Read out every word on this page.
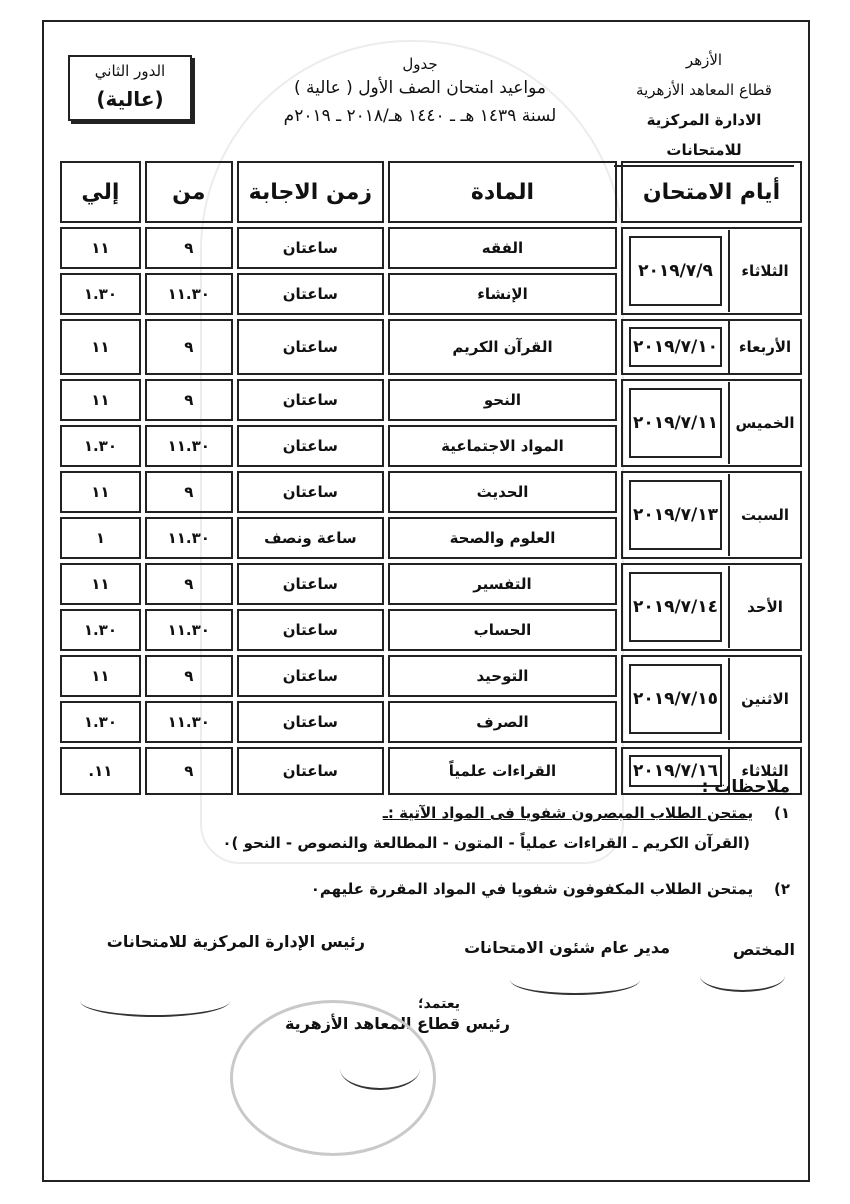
الأزهر
قطاع المعاهد الأزهرية
الادارة المركزية للامتحانات
جدول
مواعيد امتحان الصف الأول ( عالية )
لسنة ١٤٣٩ هـ ـ ١٤٤٠ هـ/٢٠١٨ ـ ٢٠١٩م
الدور الثاني
(عالية)
أيام الامتحان	المادة	زمن الاجابة	من	إلي

الثلاثاء
٢٠١٩/٧/٩	الفقه	ساعتان	٩	١١
	الإنشاء	ساعتان	١١.٣٠	١.٣٠

الأربعاء
٢٠١٩/٧/١٠	القرآن الكريم	ساعتان	٩	١١

الخميس
٢٠١٩/٧/١١	النحو	ساعتان	٩	١١
	المواد الاجتماعية	ساعتان	١١.٣٠	١.٣٠

السبت
٢٠١٩/٧/١٣	الحديث	ساعتان	٩	١١
	العلوم والصحة	ساعة ونصف	١١.٣٠	١

الأحد
٢٠١٩/٧/١٤	التفسير	ساعتان	٩	١١
	الحساب	ساعتان	١١.٣٠	١.٣٠

الاثنين
٢٠١٩/٧/١٥	التوحيد	ساعتان	٩	١١
	الصرف	ساعتان	١١.٣٠	١.٣٠

الثلاثاء
٢٠١٩/٧/١٦	القراءات علمياً	ساعتان	٩	١١.
ملاحظات :
١)    يمتحن الطلاب المبصرون شفويا فى المواد الآتية :ـ
(القرآن الكريم ـ القراءات عملياً - المتون - المطالعة والنصوص - النحو )٠
٢)    يمتحن الطلاب المكفوفون شفويا في المواد المقررة عليهم٠
المختص
مدير عام شئون الامتحانات
رئيس الإدارة المركزية للامتحانات
يعتمد؛
رئيس قطاع المعاهد الأزهرية
